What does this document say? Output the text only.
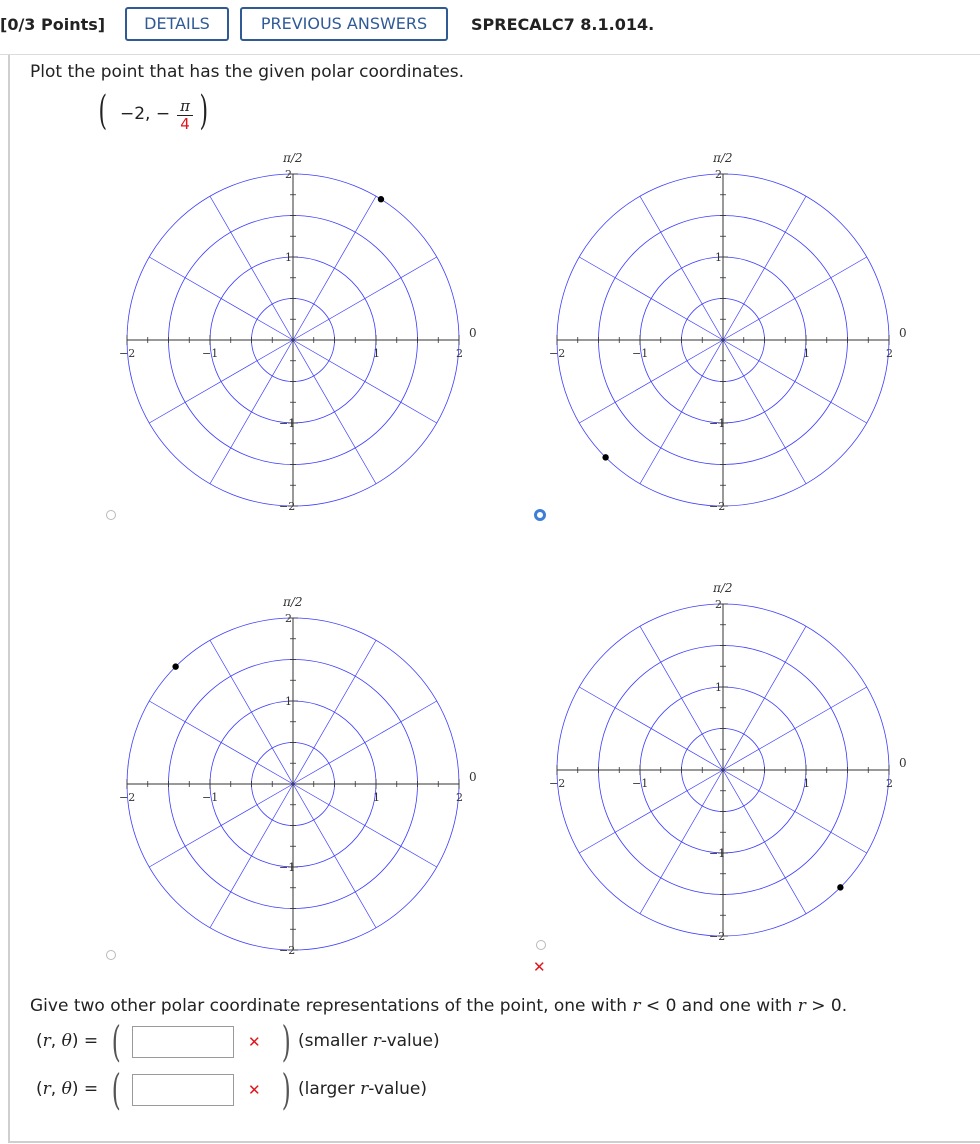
[0/3 Points]	DETAILS	PREVIOUS ANSWERS	SPRECALC7 8.1.014.
Plot the point that has the given polar coordinates.
( −2, − π
4 )
−2
−2
−1
−1
1
1
2
2
π/2
0
−2
−2
−1
−1
1
1
2
2
π/2
0
−2
−2
−1
−1
1
1
2
2
π/2
0	−2
−2
−1
−1
1
1
2
2
π/2
0
✕
Give two other polar coordinate representations of the point, one with r < 0 and one with r > 0.
(r, θ) = (	✕ ) (smaller r-value)
(r, θ) = (	✕ ) (larger r-value)
